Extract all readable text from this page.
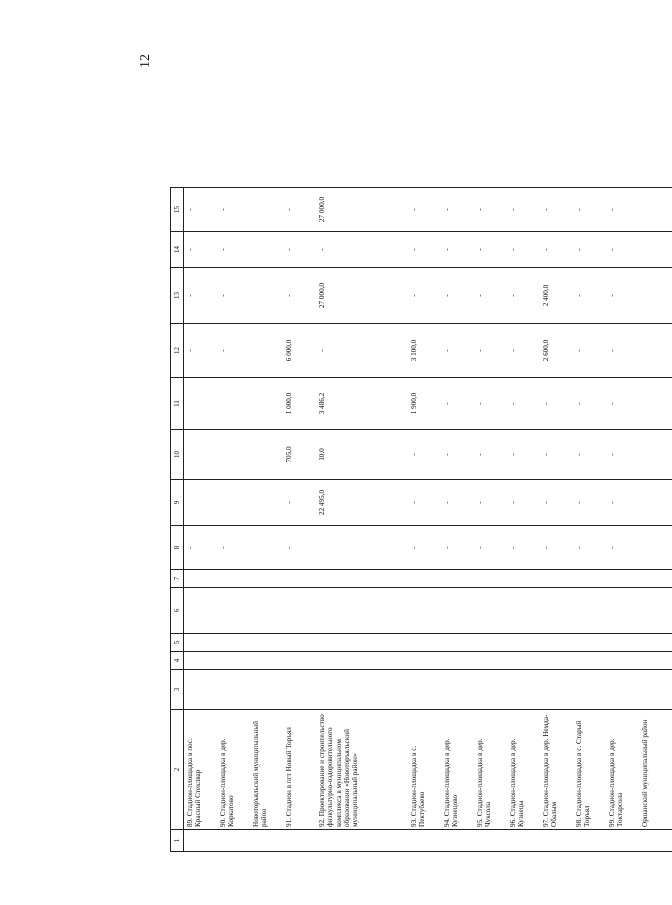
12
1	2	3	4	5	6	7	8	9	10	11	12	13	14	15
	89. Стадион-площадка в пос. Красный Стеклвар						-				-	-	-	-
	90. Стадион-площадка в дер. Коркатово						-				-	-	-	-
	Новоторъяльский муниципальный район													
	91. Стадион в пгт Новый Торъял						-	-	705,0	1 000,0	6 000,0	-	-	-
	92. Проектирование и строительство физкультурно-оздоровительного комплекса в муниципальном образовании «Новоторъяльский муниципальный район»							22 495,0	10,0	3 486,2	-	27 000,0	-	27 000,0
	93. Стадион-площадка в с. Пектубаево						-	-	-	1 900,0	3 100,0	-	-	-
	94. Стадион-площадка в дер. Кузнецово						-	-	-	-	-	-	-	-
	95. Стадион-площадка в дер. Чуксола						-	-	-	-	-	-	-	-
	96. Стадион-площадка в дер. Кузнецы						-	-	-	-	-	-	-	-
	97. Стадион-площадка в дер. Немда-Обалым						-	-	-	-	2 600,0	2 400,0	-	-
	98. Стадион-площадка в с. Старый Торъял						-	-	-	-	-	-	-	-
	99. Стадион-площадка в дер. Токтарсола						-	-	-	-	-	-	-	-
	Оршанский муниципальный район													
